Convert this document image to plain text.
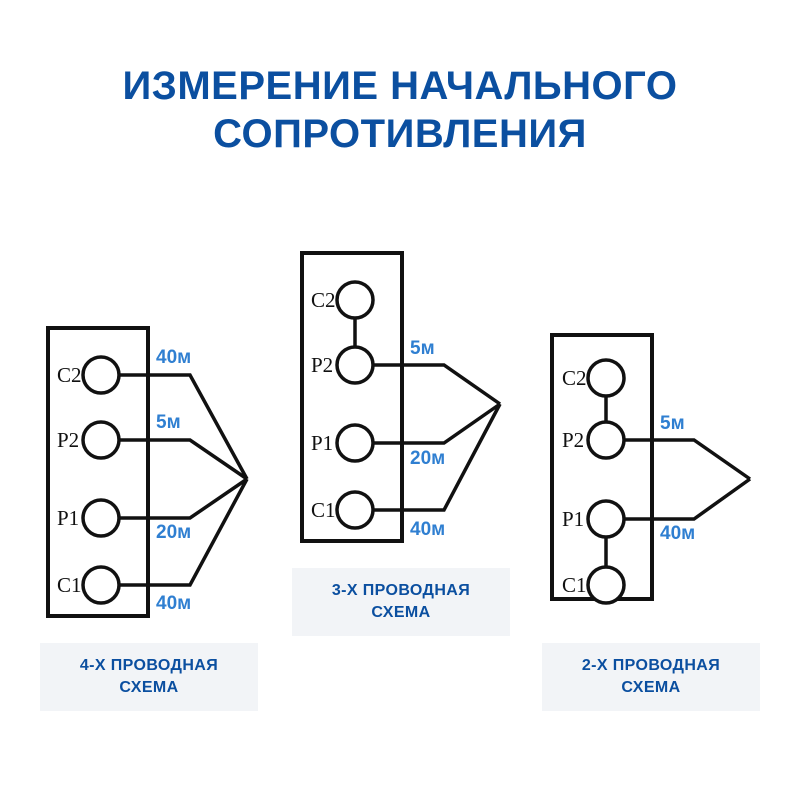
ИЗМЕРЕНИЕ НАЧАЛЬНОГО СОПРОТИВЛЕНИЯ
C2
P2
P1
C1
40м
5м
20м
40м
C2
P2
P1
C1
5м
20м
40м
C2
P2
P1
C1
5м
40м
4-Х ПРОВОДНАЯ СХЕМА
3-Х ПРОВОДНАЯ СХЕМА
2-Х ПРОВОДНАЯ СХЕМА
